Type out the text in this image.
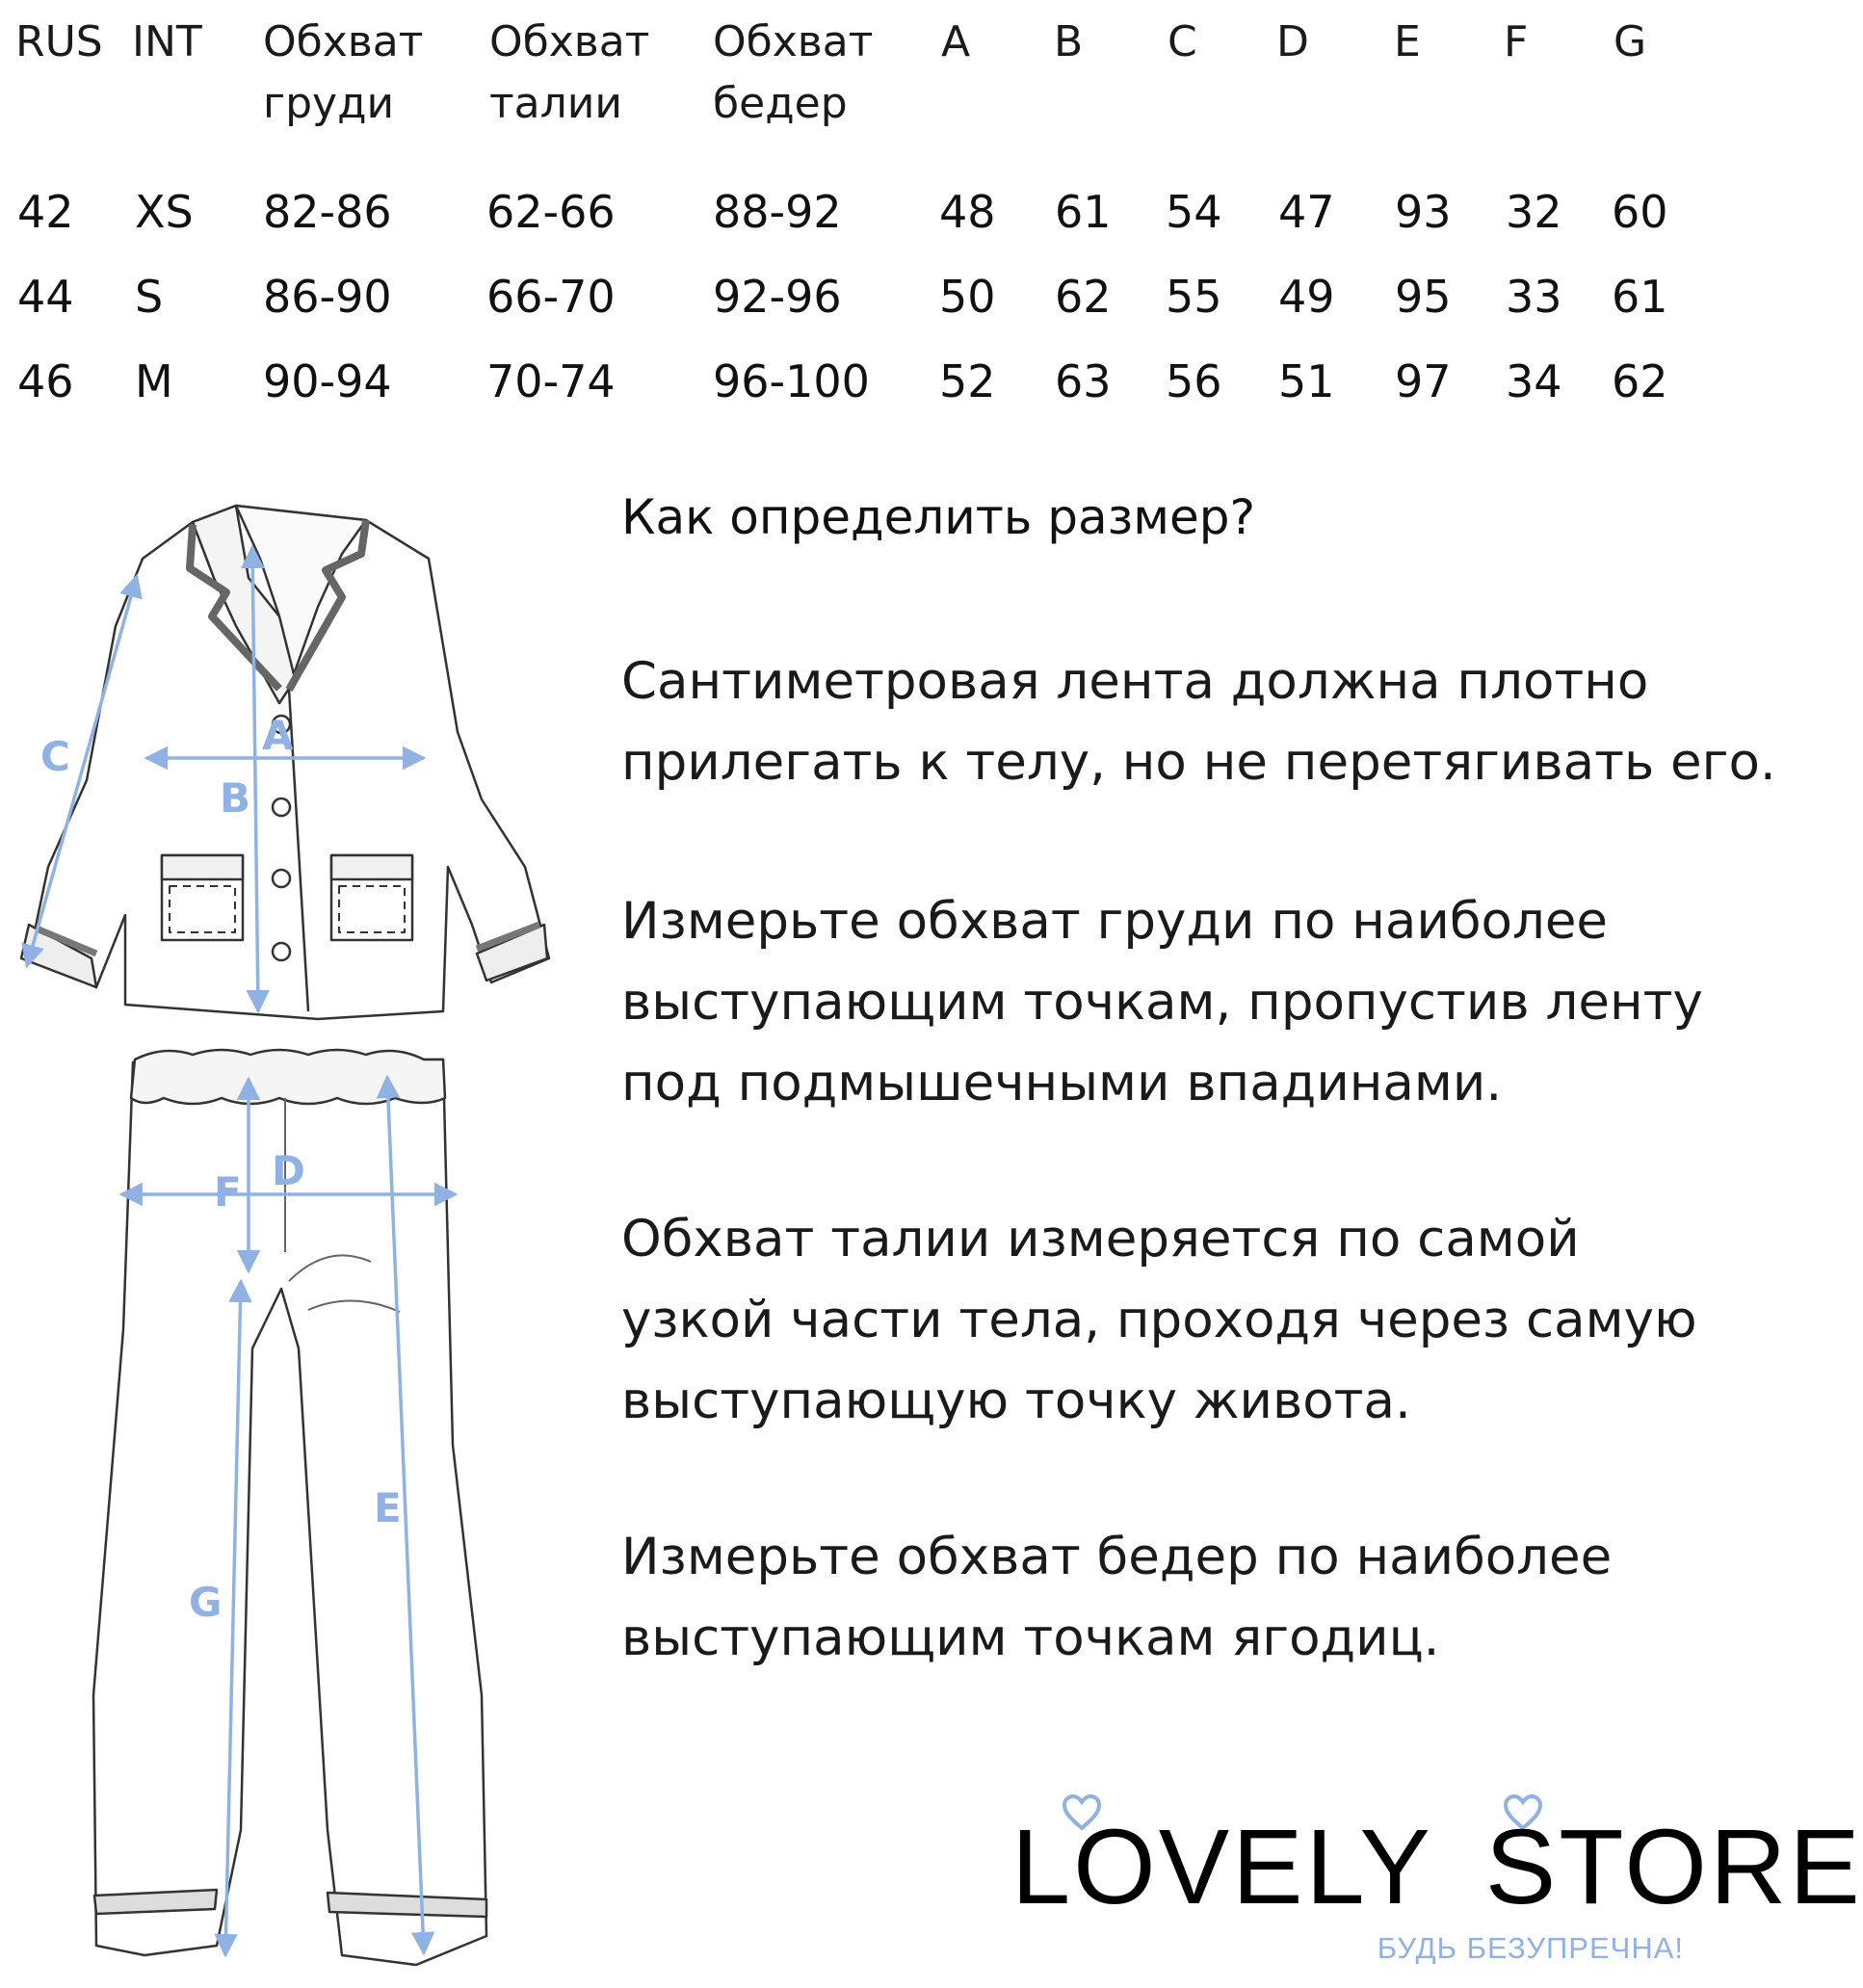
RUS INT Обхват
груди
Обхват
талии
Обхват
бедер
A B C D E F G
42 XS 82-86 62-66 88-92 48 61 54 47 93 32 60
44 S 86-90 66-70 92-96 50 62 55 49 95 33 61
46 M 90-94 70-74 96-100 52 63 56 51 97 34 62
A
B
C
D
E
F
G
Как определить размер?
Сантиметровая лента должна плотно
прилегать к телу, но не перетягивать его.
Измерьте обхват груди по наиболее
выступающим точкам, пропустив ленту
под подмышечными впадинами.
Обхват талии измеряется по самой
узкой части тела, проходя через самую
выступающую точку живота.
Измерьте обхват бедер по наиболее
выступающим точкам ягодиц.
LOVELY STORE
БУДЬ БЕЗУПРЕЧНА!
